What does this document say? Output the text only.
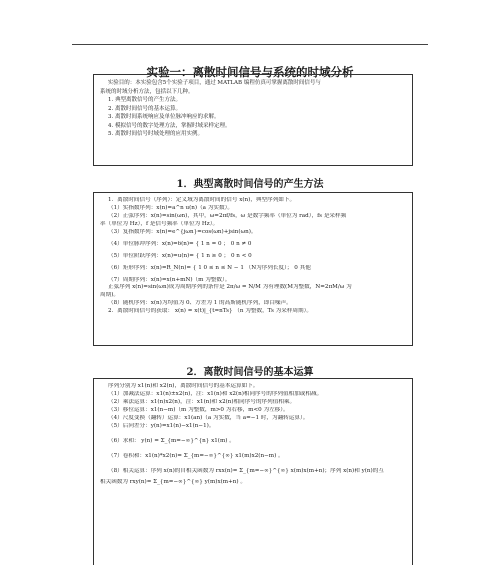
实验一：离散时间信号与系统的时域分析

实验目的：本实验包含5个实验子项目，通过 MATLAB 编程仿真可掌握离散时间信号与

系统的时域分析方法，包括以下几种。

1. 典型离散信号的产生方法。

2. 离散时间信号的基本运算。

3. 离散时间系统响应及单位脉冲响应的求解。

4. 模拟信号的数字处理方法，掌握时域采样定理。

5. 离散时间信号时域处理的应用实例。

1．典型离散时间信号的产生方法

1．离散时间信号（序列）：定义域为离散时间的信号 x(n)，典型序列如下。

（1）实指数序列：x(n)=a^n u(n)（a 为实数）。

（2）正弦序列：x(n)=sin(ωn)，其中，ω=2πf/fs，ω 是数字频率（单位为 rad），fs 是采样频

率（单位为 Hz），f 是信号频率（单位为 Hz）。

（3）复指数序列：x(n)=e^{jωn}=cos(ωn)+jsin(ωn)。

（4）单位脉冲序列：x(n)=δ(n)= { 1 n = 0 ； 0 n ≠ 0

（5）单位阶跃序列：x(n)=u(n)= { 1 n ≥ 0 ； 0 n < 0

（6）矩形序列：x(n)=R_N(n)= { 1 0 ≤ n ≤ N − 1 （N为序列长度）； 0 其他

（7）周期序列：x(n)=x(n+mN)（m 为整数）。

正弦序列 x(n)=sin(ωn)成为周期序列的条件是 2π/ω = N/M 为有理数(M为整数，N=2πM/ω 为

周期)。

（8）随机序列：x(n)为均值为 0、方差为 1 的高斯随机序列，即白噪声。

2．离散时间信号的获取： x(n) = x(t)|_{t=nTs} （n 为整数，Ts 为采样周期）。

2．离散时间信号的基本运算

序列分别为 x1(n)和 x2(n)，离散时间信号的基本运算如下。

（1）加减法运算：x1(n)±x2(n)，注：x1(n)和 x2(n)相同序号的序列值相加或相减。

（2）乘法运算：x1(n)x2(n)，注：x1(n)和 x2(n)相同序号的序列值相乘。

（3）移位运算：x1(n−m)（m 为整数，m>0 为右移，m<0 为左移）。

（4）尺度变换（翻转）运算：x1(an)（a 为实数，当 a=−1 时，为翻转运算）。

（5）后向差分：y(n)=x1(n)−x1(n−1)。

（6）求和： y(n) = Σ_{m=−∞}^{n} x1(m) 。

（7）卷积和：x1(n)*x2(n)= Σ_{m=−∞}^{∞} x1(m)x2(n−m) 。

（8）相关运算：序列 x(n)的自相关函数为 rxx(n)= Σ_{m=−∞}^{∞} x(m)x(m+n)；序列 x(n)和 y(n)的互

相关函数为 rxy(n)= Σ_{m=−∞}^{∞} y(m)x(m+n) 。
